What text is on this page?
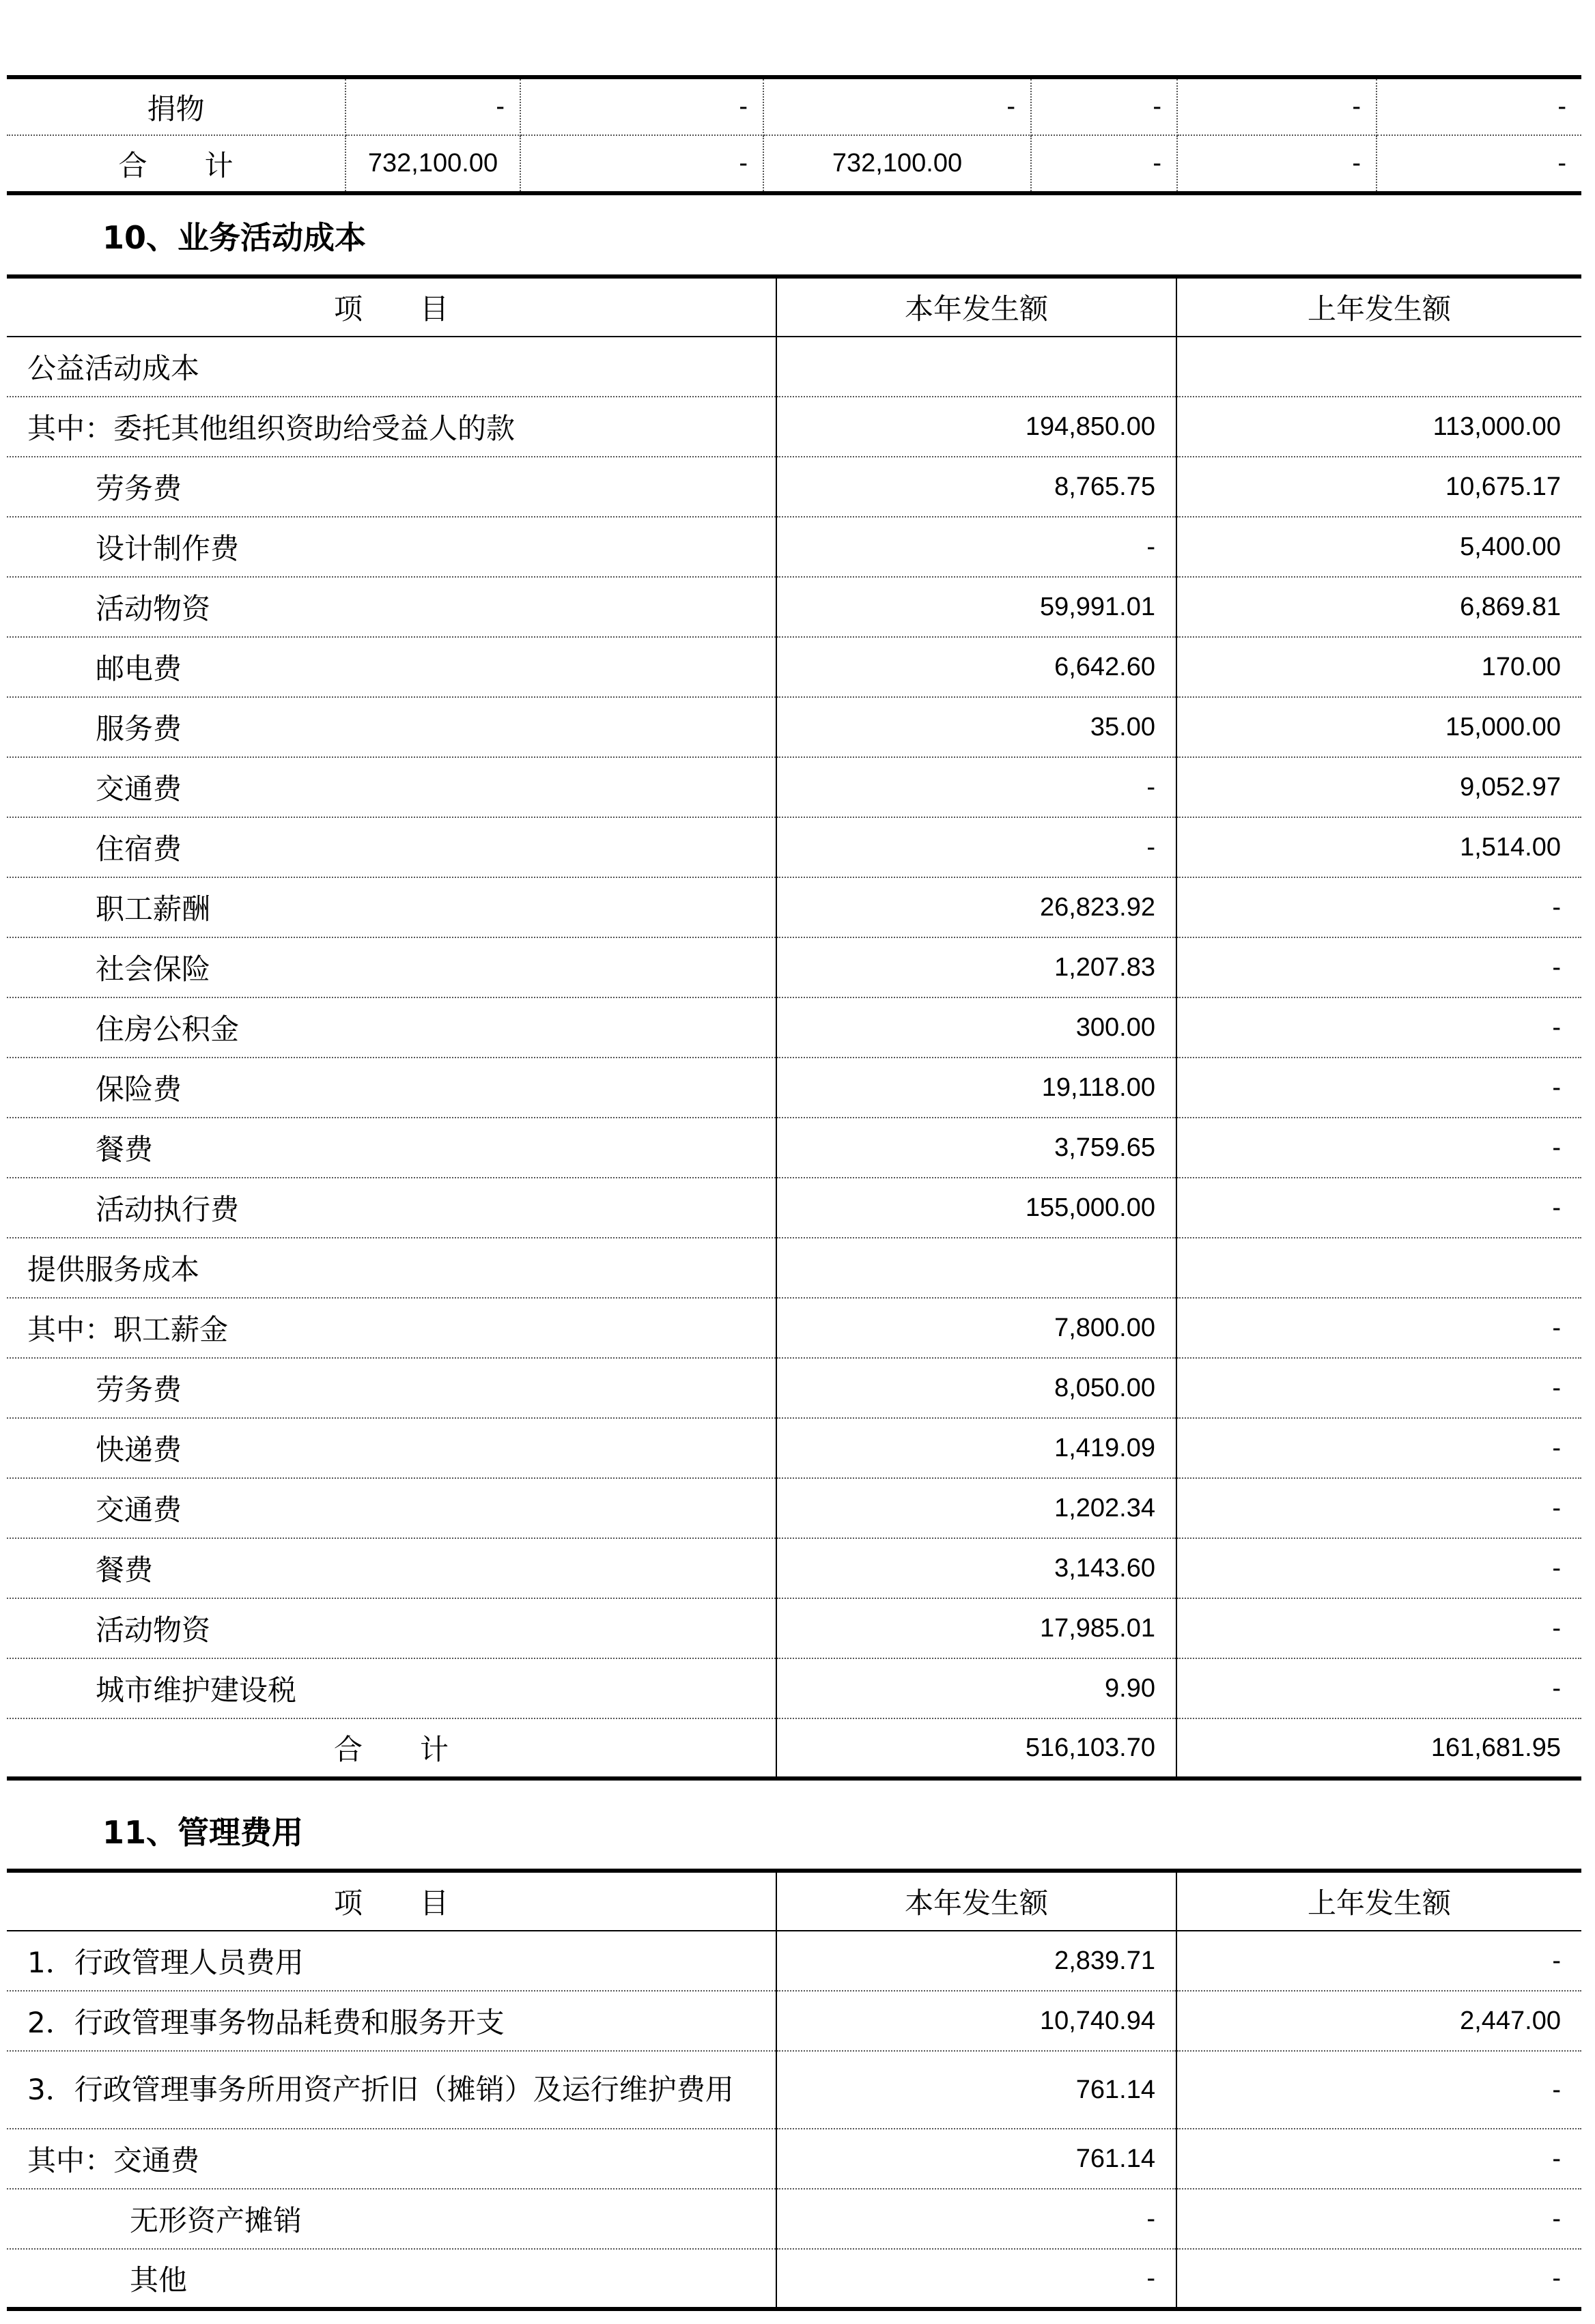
捐物	-	-	-	-	-	-
合　　计	732,100.00	-	732,100.00	-	-	-
10、业务活动成本
项　　目	本年发生额	上年发生额
公益活动成本		
其中：委托其他组织资助给受益人的款	194,850.00	113,000.00
劳务费	8,765.75	10,675.17
设计制作费	-	5,400.00
活动物资	59,991.01	6,869.81
邮电费	6,642.60	170.00
服务费	35.00	15,000.00
交通费	-	9,052.97
住宿费	-	1,514.00
职工薪酬	26,823.92	-
社会保险	1,207.83	-
住房公积金	300.00	-
保险费	19,118.00	-
餐费	3,759.65	-
活动执行费	155,000.00	-
提供服务成本		
其中：职工薪金	7,800.00	-
劳务费	8,050.00	-
快递费	1,419.09	-
交通费	1,202.34	-
餐费	3,143.60	-
活动物资	17,985.01	-
城市维护建设税	9.90	-
合　　计	516,103.70	161,681.95
11、管理费用
项　　目	本年发生额	上年发生额
1．行政管理人员费用	2,839.71	-
2．行政管理事务物品耗费和服务开支	10,740.94	2,447.00
3．行政管理事务所用资产折旧（摊销）及运行维护费用	761.14	-
其中：交通费	761.14	-
无形资产摊销	-	-
其他	-	-
